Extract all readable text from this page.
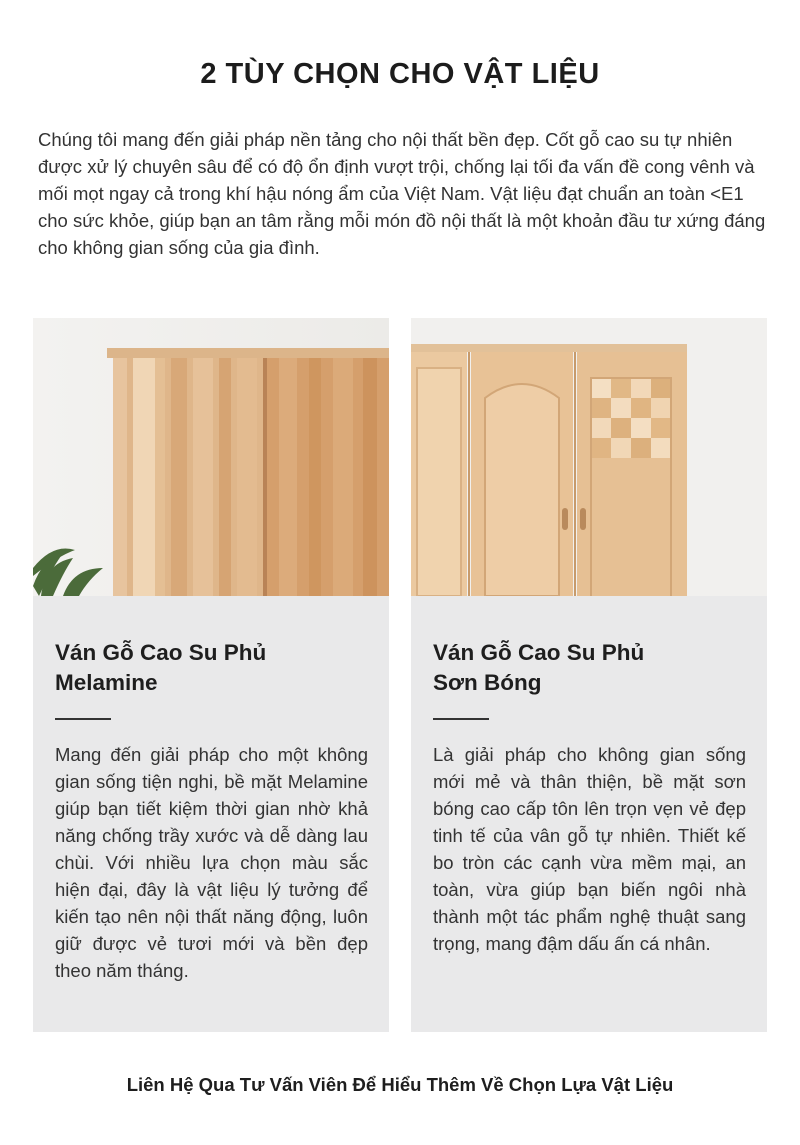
2 TÙY CHỌN CHO VẬT LIỆU
Chúng tôi mang đến giải pháp nền tảng cho nội thất bền đẹp. Cốt gỗ cao su tự nhiên được xử lý chuyên sâu để có độ ổn định vượt trội, chống lại tối đa vấn đề cong vênh và mối mọt ngay cả trong khí hậu nóng ẩm của Việt Nam. Vật liệu đạt chuẩn an toàn <E1 cho sức khỏe, giúp bạn an tâm rằng mỗi món đồ nội thất là một khoản đầu tư xứng đáng cho không gian sống của gia đình.
Ván Gỗ Cao Su Phủ
Melamine
Mang đến giải pháp cho một không gian sống tiện nghi, bề mặt Melamine giúp bạn tiết kiệm thời gian nhờ khả năng chống trầy xước và dễ dàng lau chùi. Với nhiều lựa chọn màu sắc hiện đại, đây là vật liệu lý tưởng để kiến tạo nên nội thất năng động, luôn giữ được vẻ tươi mới và bền đẹp theo năm tháng.
Ván Gỗ Cao Su Phủ
Sơn Bóng
Là giải pháp cho không gian sống mới mẻ và thân thiện, bề mặt sơn bóng cao cấp tôn lên trọn vẹn vẻ đẹp tinh tế của vân gỗ tự nhiên. Thiết kế bo tròn các cạnh vừa mềm mại, an toàn, vừa giúp bạn biến ngôi nhà thành một tác phẩm nghệ thuật sang trọng, mang đậm dấu ấn cá nhân.
Liên Hệ Qua Tư Vấn Viên Để Hiểu Thêm Về Chọn Lựa Vật Liệu
